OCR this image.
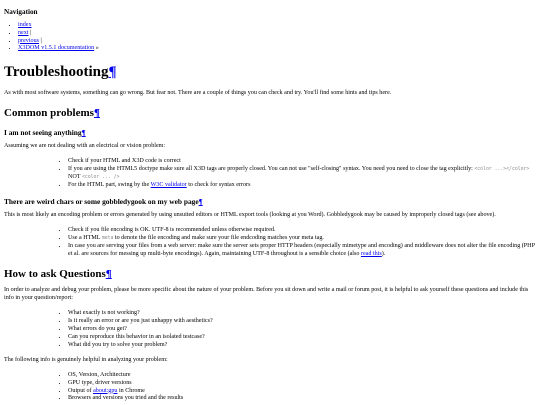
Navigation
• index
• next |
• previous |
• X3DOM v1.5.1 documentation »
Troubleshooting¶

As with most software systems, something can go wrong. But fear not. There are a couple of things you can check and try. You'll find some hints and tips here.

Common problems¶
I am not seeing anything¶

Assuming we are not dealing with an electrical or vision problem:

• Check if your HTML and X3D code is correct
• If you are using the HTML5 doctype make sure all X3D tags are properly closed. You can not use "self-closing" syntax. You need you need to close the tag explicitly: <color ...></color> NOT <color ... />
• For the HTML part, swing by the W3C validator to check for syntax errors
There are weird chars or some gobbledygook on my web page¶

This is most likely an encoding problem or errors generated by using unsuited editors or HTML export tools (looking at you Word). Gobbledygook may be caused by improperly closed tags (see above).

• Check if you file encoding is OK. UTF-8 is recommended unless otherwise required.
• Use a HTML meta to denote the file encoding and make sure your file endcoding matches your meta tag.
• In case you are serving your files from a web server: make sure the server sets proper HTTP headers (especially mimetype and encoding) and middleware does not alter the file encoding (PHP et al. are sources for messing up multi-byte encodings). Again, maintaining UTF-8 throughout is a sensible choice (also read this).
How to ask Questions¶

In order to analyze and debug your problem, please be more specific about the nature of your problem. Before you sit down and write a mail or forum post, it is helpful to ask yourself these questions and include this info in your question/report:

• What exactly is not working?
• Is it really an error or are you just unhappy with aesthetics?
• What errors do you get?
• Can you reproduce this behavior in an isolated testcase?
• What did you try to solve your problem?

The following info is genuinely helpful in analyzing your problem:

• OS, Version, Architecture
• GPU type, driver versions
• Output of about:gpu in Chrome
• Browsers and versions you tried and the results
